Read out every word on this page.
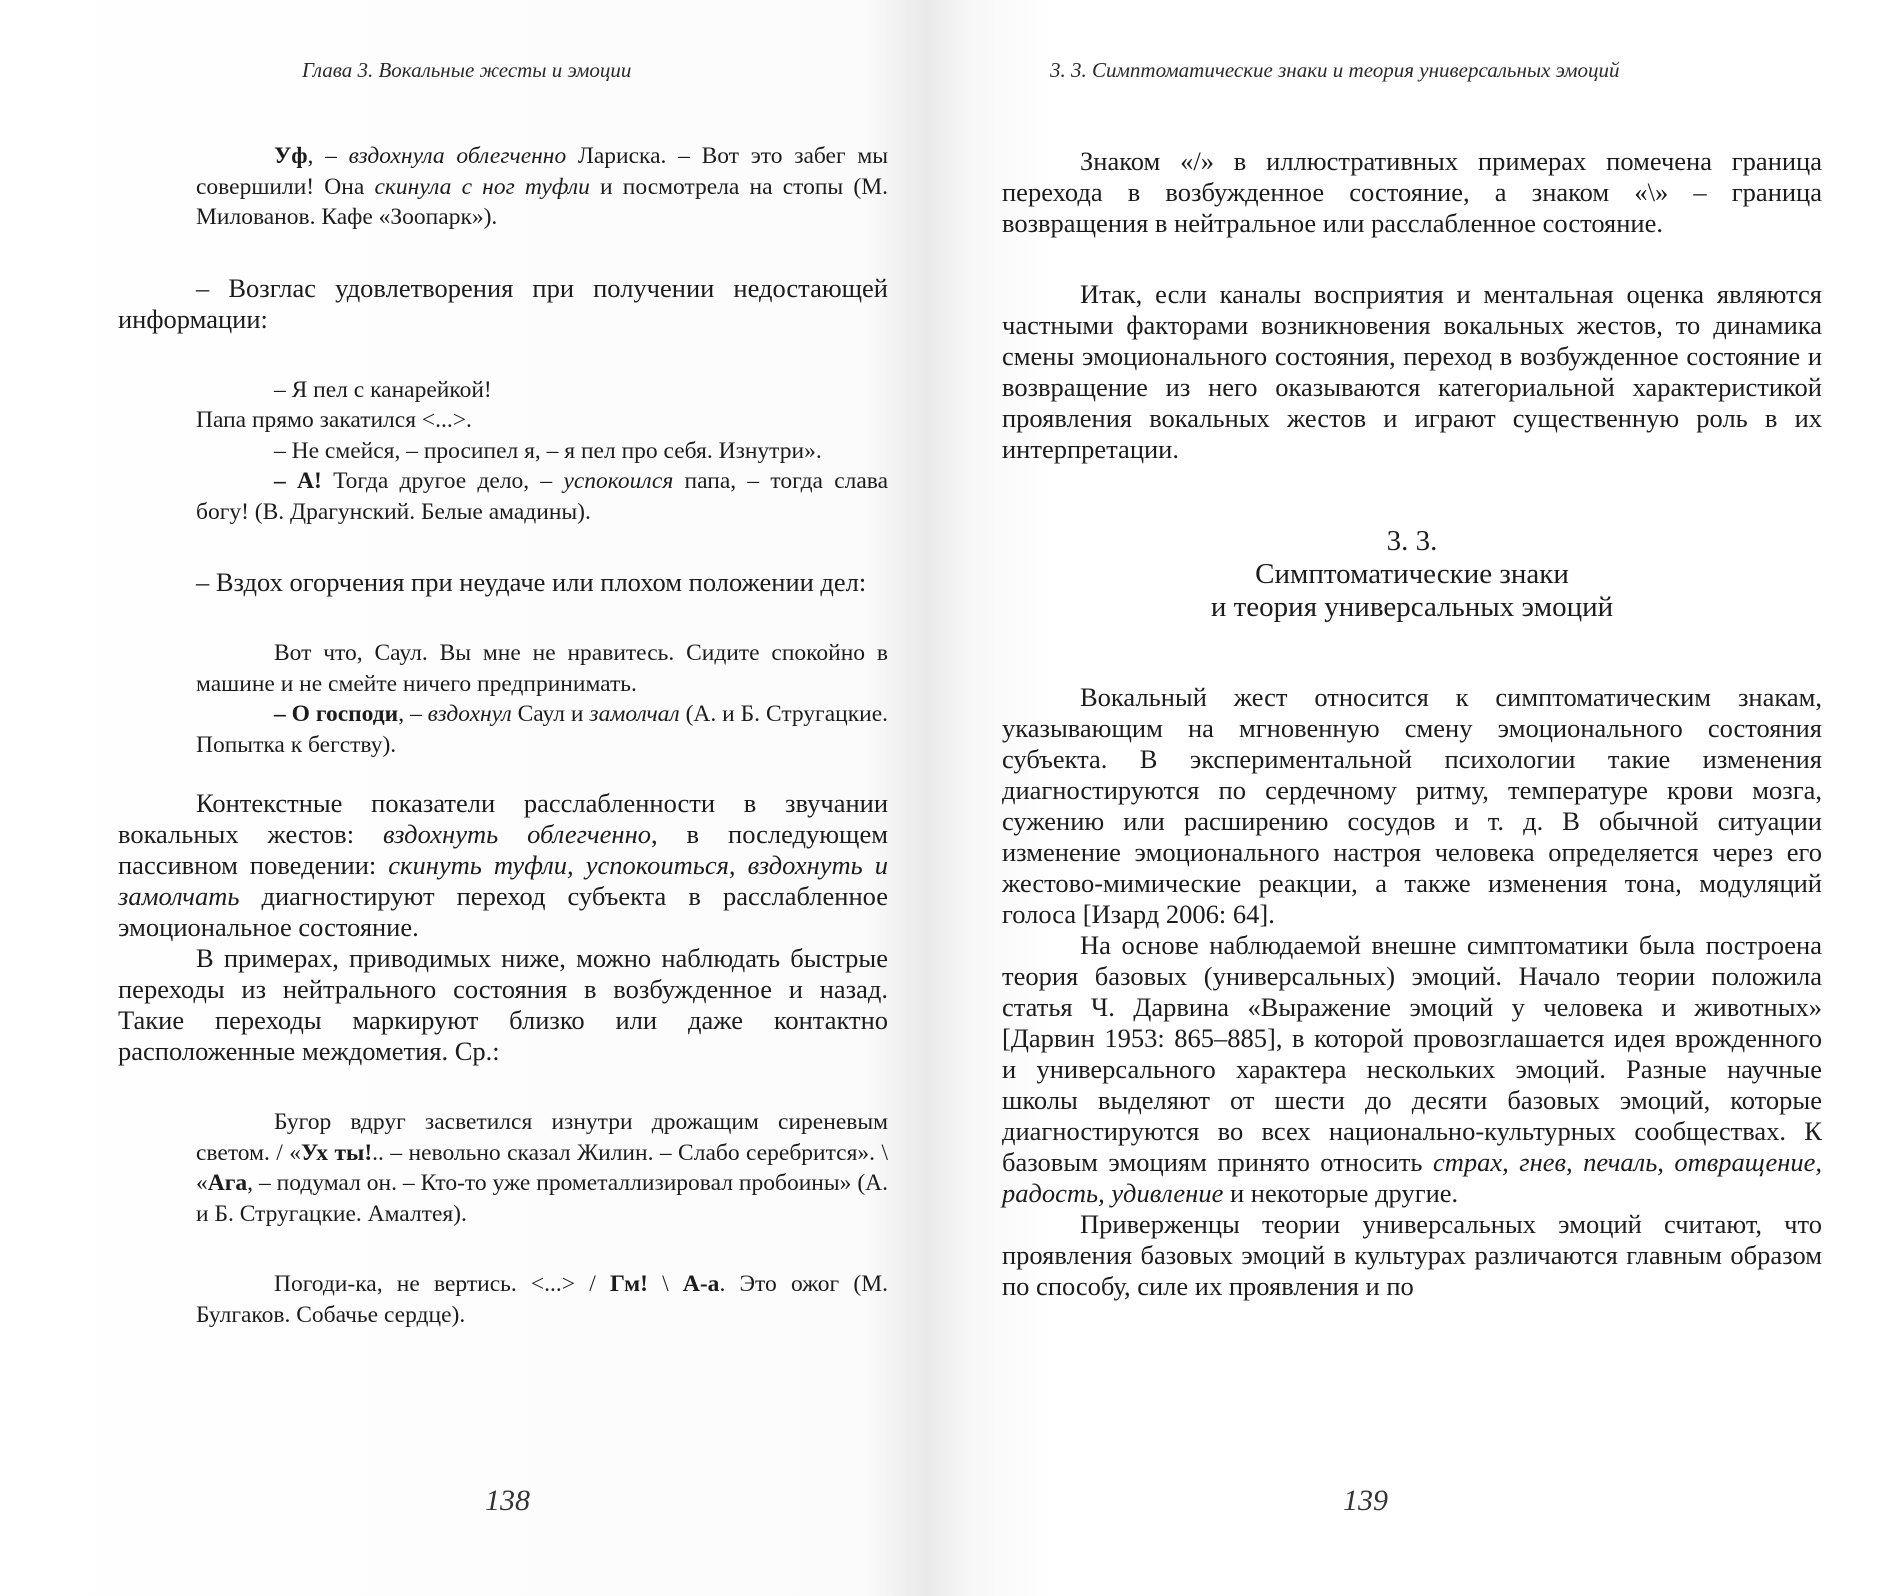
Глава 3. Вокальные жесты и эмоции

Уф, – вздохнула облегченно Лариска. – Вот это забег мы совершили! Она скинула с ног туфли и посмотрела на стопы (М. Милованов. Кафе «Зоопарк»).

– Возглас удовлетворения при получении недостающей информации:

– Я пел с канарейкой!

Папа прямо закатился <...>.

– Не смейся, – просипел я, – я пел про себя. Изнутри».

– А! Тогда другое дело, – успокоился папа, – тогда слава богу! (В. Драгунский. Белые амадины).

– Вздох огорчения при неудаче или плохом положении дел:

Вот что, Саул. Вы мне не нравитесь. Сидите спокойно в машине и не смейте ничего предпринимать.

– О господи, – вздохнул Саул и замолчал (А. и Б. Стругацкие. Попытка к бегству).

Контекстные показатели расслабленности в звучании вокальных жестов: вздохнуть облегченно, в последующем пассивном поведении: скинуть туфли, успокоиться, вздохнуть и замолчать диагностируют переход субъекта в расслабленное эмоциональное состояние.

В примерах, приводимых ниже, можно наблюдать быстрые переходы из нейтрального состояния в возбужденное и назад. Такие переходы маркируют близко или даже контактно расположенные междометия. Ср.:

Бугор вдруг засветился изнутри дрожащим сиреневым светом. / «Ух ты!.. – невольно сказал Жилин. – Слабо серебрится». \ «Ага, – подумал он. – Кто-то уже прометаллизировал пробоины» (А. и Б. Стругацкие. Амалтея).

Погоди-ка, не вертись. <...> / Гм! \ А-а. Это ожог (М. Булгаков. Собачье сердце).

138
3. 3. Симптоматические знаки и теория универсальных эмоций

Знаком «/» в иллюстративных примерах помечена граница перехода в возбужденное состояние, а знаком «\» – граница возвращения в нейтральное или расслабленное состояние.

Итак, если каналы восприятия и ментальная оценка являются частными факторами возникновения вокальных жестов, то динамика смены эмоционального состояния, переход в возбужденное состояние и возвращение из него оказываются категориальной характеристикой проявления вокальных жестов и играют существенную роль в их интерпретации.

3. 3.

Симптоматические знаки

и теория универсальных эмоций

Вокальный жест относится к симптоматическим знакам, указывающим на мгновенную смену эмоционального состояния субъекта. В экспериментальной психологии такие изменения диагностируются по сердечному ритму, температуре крови мозга, сужению или расширению сосудов и т. д. В обычной ситуации изменение эмоционального настроя человека определяется через его жестово-мимические реакции, а также изменения тона, модуляций голоса [Изард 2006: 64].

На основе наблюдаемой внешне симптоматики была построена теория базовых (универсальных) эмоций. Начало теории положила статья Ч. Дарвина «Выражение эмоций у человека и животных» [Дарвин 1953: 865–885], в которой провозглашается идея врожденного и универсального характера нескольких эмоций. Разные научные школы выделяют от шести до десяти базовых эмоций, которые диагностируются во всех национально-культурных сообществах. К базовым эмоциям принято относить страх, гнев, печаль, отвращение, радость, удивление и некоторые другие.

Приверженцы теории универсальных эмоций считают, что проявления базовых эмоций в культурах различаются главным образом по способу, силе их проявления и по

139
